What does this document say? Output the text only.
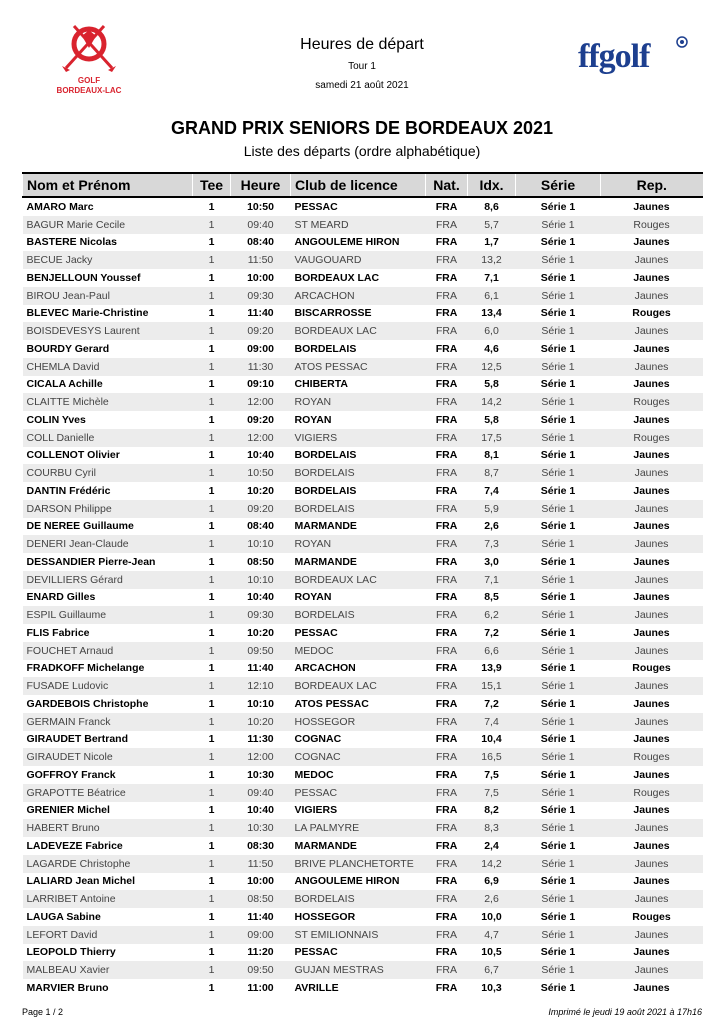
GOLF
BORDEAUX-LAC
Heures de départ
Tour 1
samedi 21 août 2021
ffgolf
GRAND PRIX SENIORS DE BORDEAUX 2021
Liste des départs (ordre alphabétique)
Nom et Prénom	Tee	Heure	Club de licence	Nat.	Idx.	Série	Rep.
AMARO Marc	1	10:50	PESSAC	FRA	8,6	Série 1	Jaunes
BAGUR Marie Cecile	1	09:40	ST MEARD	FRA	5,7	Série 1	Rouges
BASTERE Nicolas	1	08:40	ANGOULEME HIRON	FRA	1,7	Série 1	Jaunes
BECUE Jacky	1	11:50	VAUGOUARD	FRA	13,2	Série 1	Jaunes
BENJELLOUN Youssef	1	10:00	BORDEAUX LAC	FRA	7,1	Série 1	Jaunes
BIROU Jean-Paul	1	09:30	ARCACHON	FRA	6,1	Série 1	Jaunes
BLEVEC Marie-Christine	1	11:40	BISCARROSSE	FRA	13,4	Série 1	Rouges
BOISDEVESYS Laurent	1	09:20	BORDEAUX LAC	FRA	6,0	Série 1	Jaunes
BOURDY Gerard	1	09:00	BORDELAIS	FRA	4,6	Série 1	Jaunes
CHEMLA David	1	11:30	ATOS PESSAC	FRA	12,5	Série 1	Jaunes
CICALA Achille	1	09:10	CHIBERTA	FRA	5,8	Série 1	Jaunes
CLAITTE Michèle	1	12:00	ROYAN	FRA	14,2	Série 1	Rouges
COLIN Yves	1	09:20	ROYAN	FRA	5,8	Série 1	Jaunes
COLL Danielle	1	12:00	VIGIERS	FRA	17,5	Série 1	Rouges
COLLENOT Olivier	1	10:40	BORDELAIS	FRA	8,1	Série 1	Jaunes
COURBU Cyril	1	10:50	BORDELAIS	FRA	8,7	Série 1	Jaunes
DANTIN Frédéric	1	10:20	BORDELAIS	FRA	7,4	Série 1	Jaunes
DARSON Philippe	1	09:20	BORDELAIS	FRA	5,9	Série 1	Jaunes
DE NEREE Guillaume	1	08:40	MARMANDE	FRA	2,6	Série 1	Jaunes
DENERI Jean-Claude	1	10:10	ROYAN	FRA	7,3	Série 1	Jaunes
DESSANDIER Pierre-Jean	1	08:50	MARMANDE	FRA	3,0	Série 1	Jaunes
DEVILLIERS Gérard	1	10:10	BORDEAUX LAC	FRA	7,1	Série 1	Jaunes
ENARD Gilles	1	10:40	ROYAN	FRA	8,5	Série 1	Jaunes
ESPIL Guillaume	1	09:30	BORDELAIS	FRA	6,2	Série 1	Jaunes
FLIS Fabrice	1	10:20	PESSAC	FRA	7,2	Série 1	Jaunes
FOUCHET Arnaud	1	09:50	MEDOC	FRA	6,6	Série 1	Jaunes
FRADKOFF Michelange	1	11:40	ARCACHON	FRA	13,9	Série 1	Rouges
FUSADE Ludovic	1	12:10	BORDEAUX LAC	FRA	15,1	Série 1	Jaunes
GARDEBOIS Christophe	1	10:10	ATOS PESSAC	FRA	7,2	Série 1	Jaunes
GERMAIN Franck	1	10:20	HOSSEGOR	FRA	7,4	Série 1	Jaunes
GIRAUDET Bertrand	1	11:30	COGNAC	FRA	10,4	Série 1	Jaunes
GIRAUDET Nicole	1	12:00	COGNAC	FRA	16,5	Série 1	Rouges
GOFFROY Franck	1	10:30	MEDOC	FRA	7,5	Série 1	Jaunes
GRAPOTTE Béatrice	1	09:40	PESSAC	FRA	7,5	Série 1	Rouges
GRENIER Michel	1	10:40	VIGIERS	FRA	8,2	Série 1	Jaunes
HABERT Bruno	1	10:30	LA PALMYRE	FRA	8,3	Série 1	Jaunes
LADEVEZE Fabrice	1	08:30	MARMANDE	FRA	2,4	Série 1	Jaunes
LAGARDE Christophe	1	11:50	BRIVE PLANCHETORTE	FRA	14,2	Série 1	Jaunes
LALIARD Jean Michel	1	10:00	ANGOULEME HIRON	FRA	6,9	Série 1	Jaunes
LARRIBET Antoine	1	08:50	BORDELAIS	FRA	2,6	Série 1	Jaunes
LAUGA Sabine	1	11:40	HOSSEGOR	FRA	10,0	Série 1	Rouges
LEFORT David	1	09:00	ST EMILIONNAIS	FRA	4,7	Série 1	Jaunes
LEOPOLD Thierry	1	11:20	PESSAC	FRA	10,5	Série 1	Jaunes
MALBEAU Xavier	1	09:50	GUJAN MESTRAS	FRA	6,7	Série 1	Jaunes
MARVIER Bruno	1	11:00	AVRILLE	FRA	10,3	Série 1	Jaunes
Page 1 / 2	Imprimé le jeudi 19 août 2021 à 17h16
